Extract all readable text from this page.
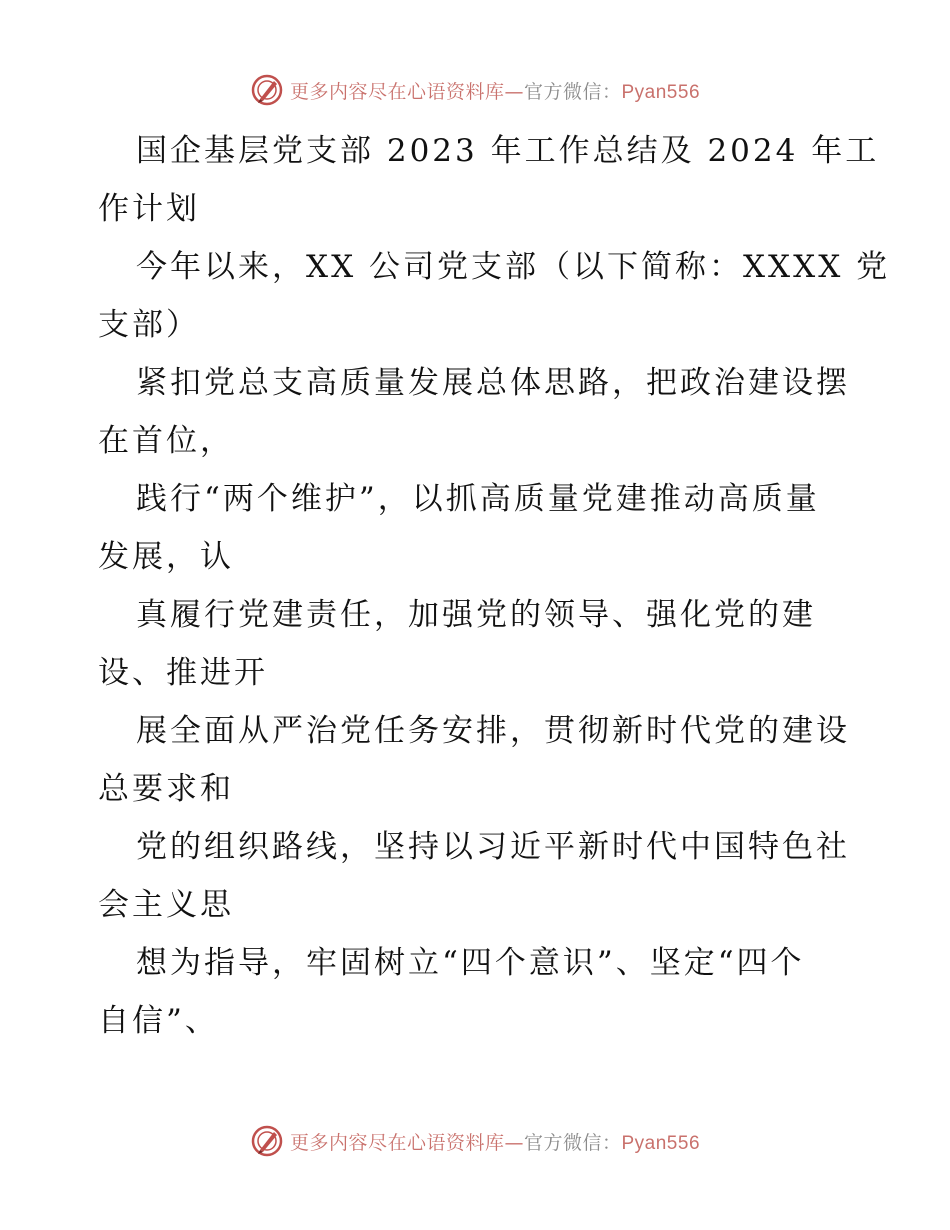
更多内容尽在心语资料库—官方微信：Pyan556
国企基层党支部 2023 年工作总结及 2024 年工
作计划
今年以来，XX 公司党支部（以下简称：XXXX 党
支部）
紧扣党总支高质量发展总体思路，把政治建设摆
在首位，
践行“两个维护”，以抓高质量党建推动高质量
发展，认
真履行党建责任，加强党的领导、强化党的建
设、推进开
展全面从严治党任务安排，贯彻新时代党的建设
总要求和
党的组织路线，坚持以习近平新时代中国特色社
会主义思
想为指导，牢固树立“四个意识”、坚定“四个
自信”、
更多内容尽在心语资料库—官方微信：Pyan556
